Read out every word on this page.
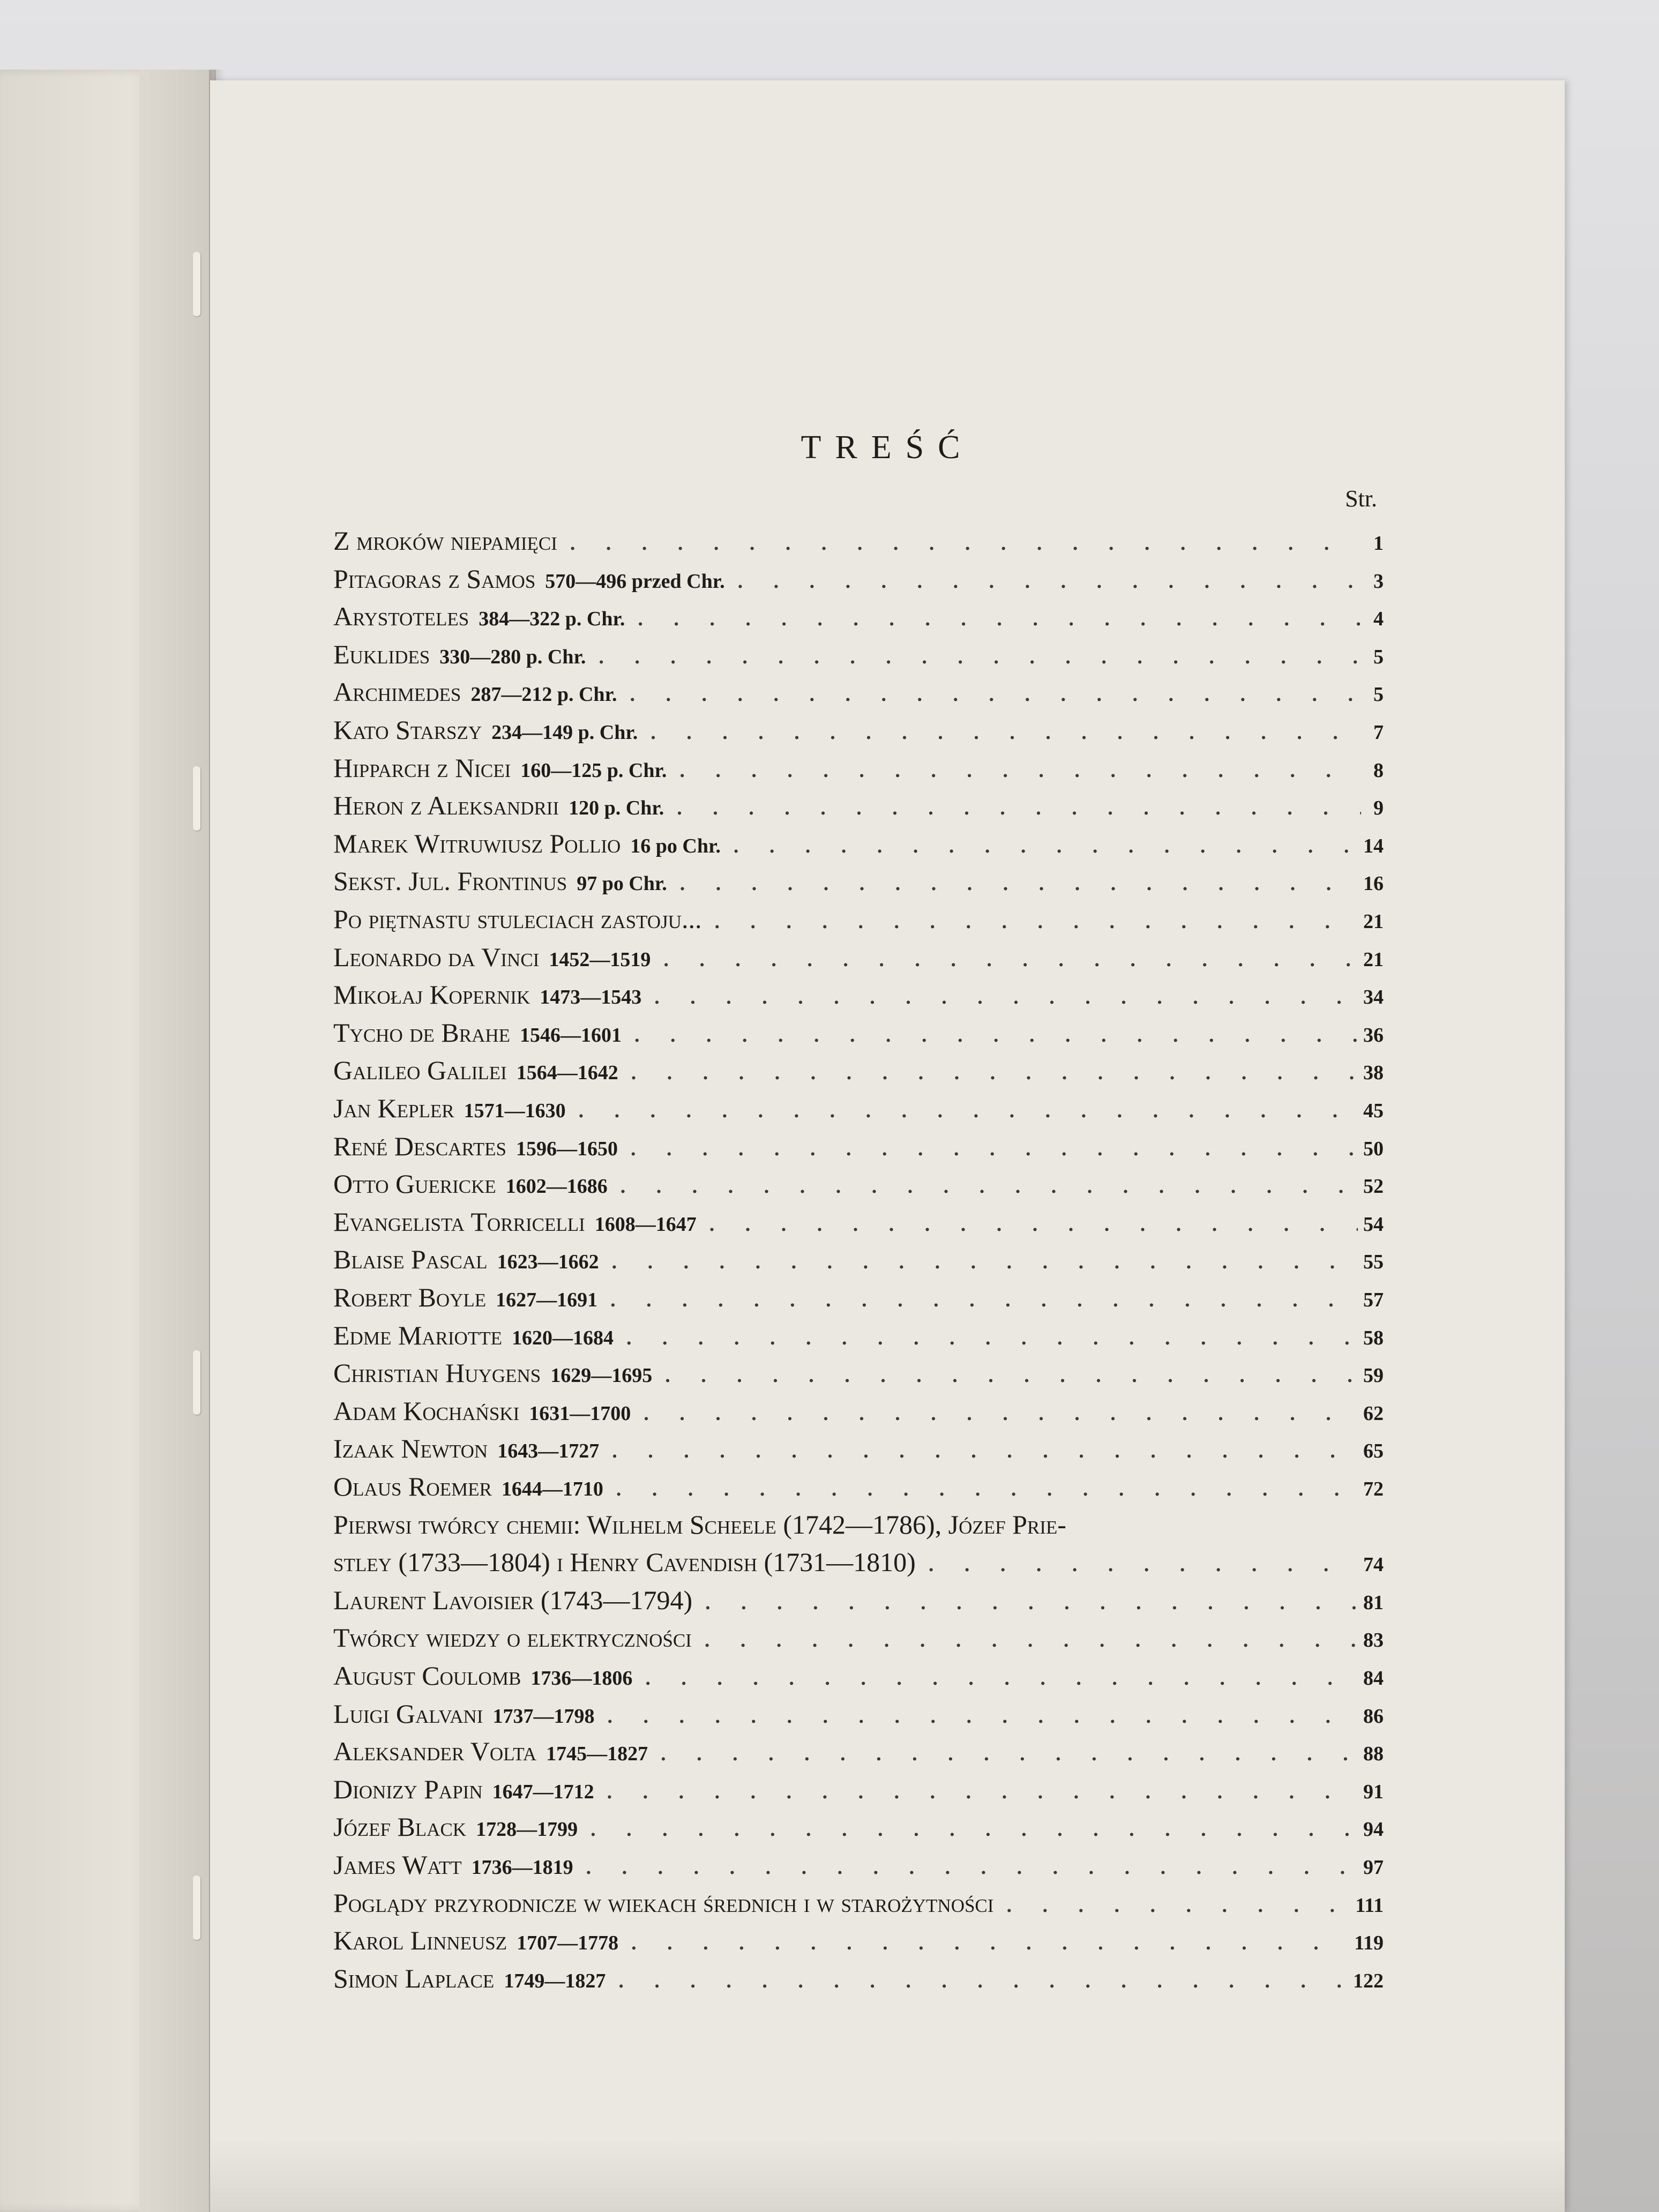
TREŚĆ
Str.
Z mroków niepamięci . . .	1
Pitagoras z Samos 570—496 przed Chr. . . .	3
Arystoteles 384—322 p. Chr. . . .	4
Euklides 330—280 p. Chr. . . .	5
Archimedes 287—212 p. Chr. . . .	5
Kato Starszy 234—149 p. Chr. . . .	7
Hipparch z Nicei 160—125 p. Chr. . . .	8
Heron z Aleksandrii 120 p. Chr. . . .	9
Marek Witruwiusz Pollio 16 po Chr. . . .	14
Sekst. Jul. Frontinus 97 po Chr. . . .	16
Po piętnastu stuleciach zastoju... . . .	21
Leonardo da Vinci 1452—1519 . . .	21
Mikołaj Kopernik 1473—1543 . . .	34
Tycho de Brahe 1546—1601 . . .	36
Galileo Galilei 1564—1642 . . .	38
Jan Kepler 1571—1630 . . .	45
René Descartes 1596—1650 . . .	50
Otto Guericke 1602—1686 . . .	52
Evangelista Torricelli 1608—1647 . . .	54
Blaise Pascal 1623—1662 . . .	55
Robert Boyle 1627—1691 . . .	57
Edme Mariotte 1620—1684 . . .	58
Christian Huygens 1629—1695 . . .	59
Adam Kochański 1631—1700 . . .	62
Izaak Newton 1643—1727 . . .	65
Olaus Roemer 1644—1710 . . .	72
Pierwsi twórcy chemii: Wilhelm Scheele (1742—1786), Józef Prie-
stley (1733—1804) i Henry Cavendish (1731—1810) . . .	74
Laurent Lavoisier (1743—1794) . . .	81
Twórcy wiedzy o elektryczności . . .	83
August Coulomb 1736—1806 . . .	84
Luigi Galvani 1737—1798 . . .	86
Aleksander Volta 1745—1827 . . .	88
Dionizy Papin 1647—1712 . . .	91
Józef Black 1728—1799 . . .	94
James Watt 1736—1819 . . .	97
Poglądy przyrodnicze w wiekach średnich i w starożytności . . .	111
Karol Linneusz 1707—1778 . . .	119
Simon Laplace 1749—1827 . . .	122
